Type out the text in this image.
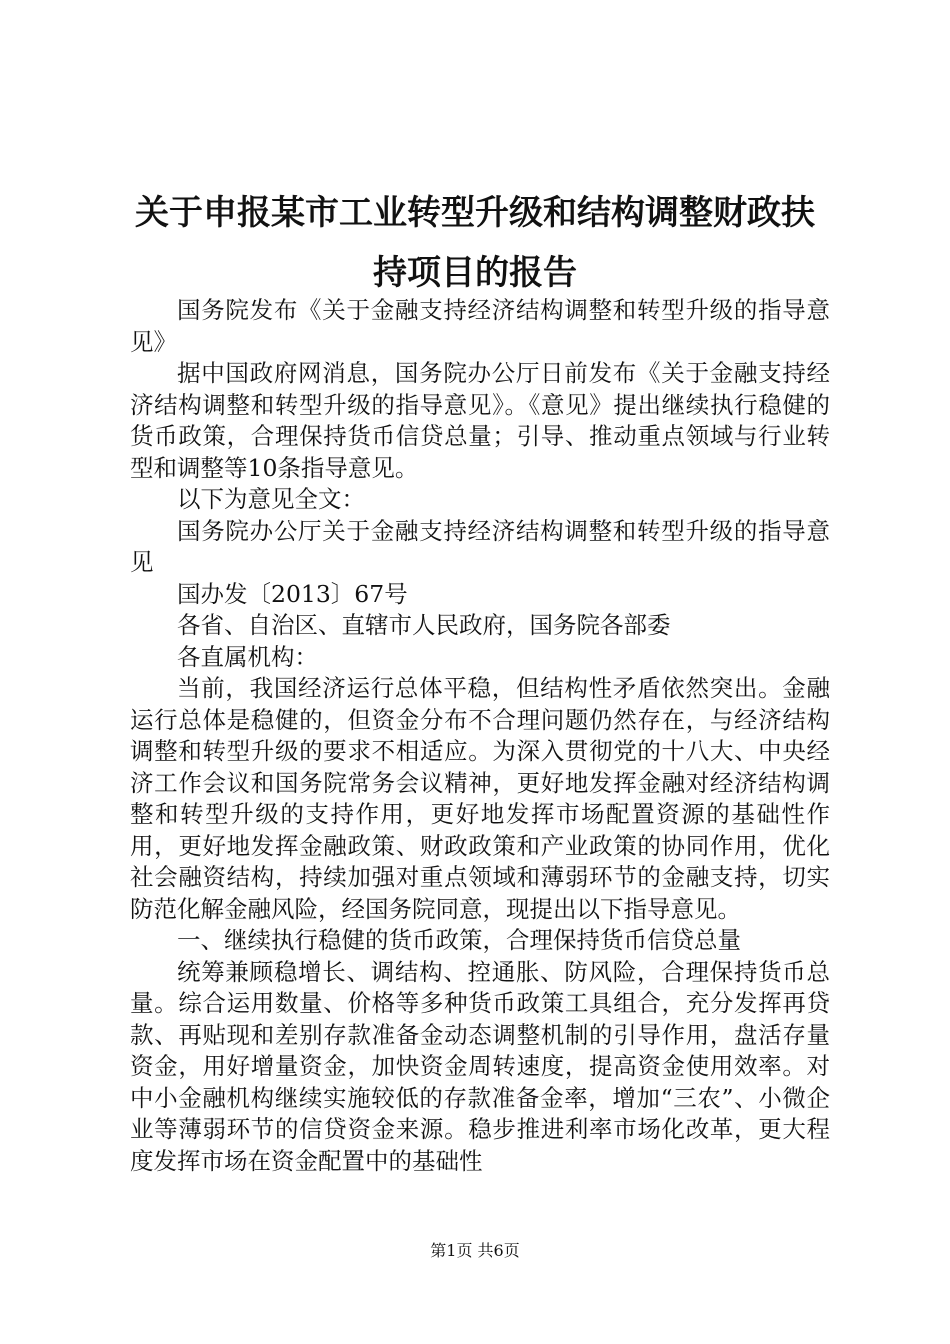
关于申报某市工业转型升级和结构调整财政扶
持项目的报告

国务院发布《关于金融支持经济结构调整和转型升级的指导意见》

据中国政府网消息，国务院办公厅日前发布《关于金融支持经济结构调整和转型升级的指导意见》。《意见》提出继续执行稳健的货币政策，合理保持货币信贷总量；引导、推动重点领域与行业转型和调整等10条指导意见。

以下为意见全文：

国务院办公厅关于金融支持经济结构调整和转型升级的指导意见

国办发〔2013〕67号

各省、自治区、直辖市人民政府，国务院各部委

各直属机构：

当前，我国经济运行总体平稳，但结构性矛盾依然突出。金融运行总体是稳健的，但资金分布不合理问题仍然存在，与经济结构调整和转型升级的要求不相适应。为深入贯彻党的十八大、中央经济工作会议和国务院常务会议精神，更好地发挥金融对经济结构调整和转型升级的支持作用，更好地发挥市场配置资源的基础性作用，更好地发挥金融政策、财政政策和产业政策的协同作用，优化社会融资结构，持续加强对重点领域和薄弱环节的金融支持，切实防范化解金融风险，经国务院同意，现提出以下指导意见。

一、继续执行稳健的货币政策，合理保持货币信贷总量

统筹兼顾稳增长、调结构、控通胀、防风险，合理保持货币总量。综合运用数量、价格等多种货币政策工具组合，充分发挥再贷款、再贴现和差别存款准备金动态调整机制的引导作用，盘活存量资金，用好增量资金，加快资金周转速度，提高资金使用效率。对中小金融机构继续实施较低的存款准备金率，增加“三农”、小微企业等薄弱环节的信贷资金来源。稳步推进利率市场化改革，更大程度发挥市场在资金配置中的基础性

第1页 共6页
